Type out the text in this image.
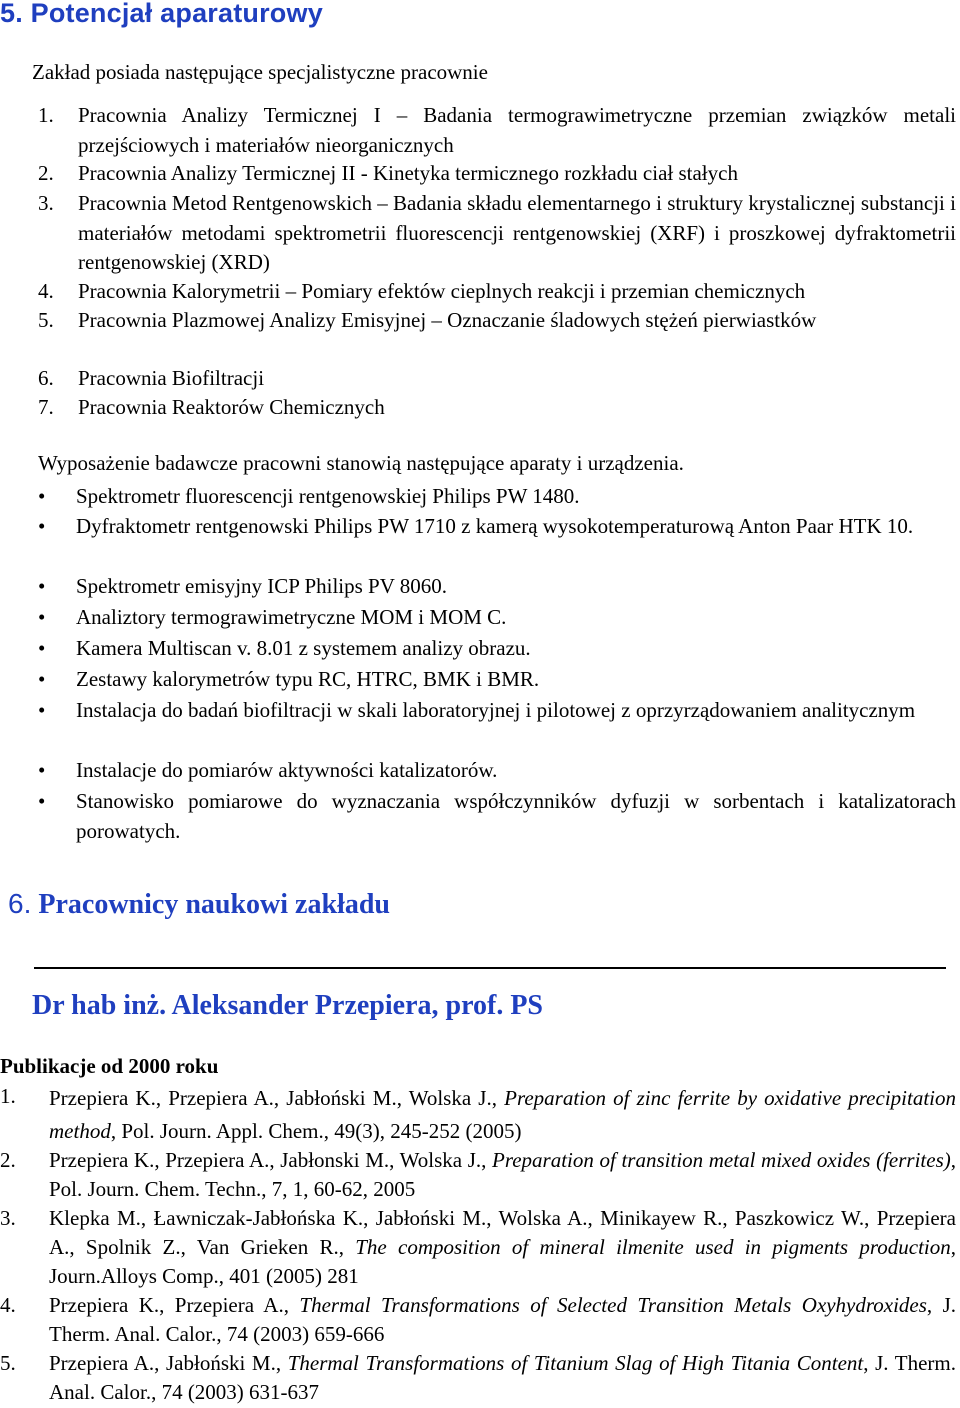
5. Potencjał aparaturowy
Zakład posiada następujące specjalistyczne pracownie
1. Pracownia Analizy Termicznej I – Badania termograwimetryczne przemian związków metali przejściowych i materiałów nieorganicznych
2. Pracownia Analizy Termicznej II - Kinetyka termicznego rozkładu ciał stałych
3. Pracownia Metod Rentgenowskich – Badania składu elementarnego i struktury krystalicznej substancji i materiałów metodami spektrometrii fluorescencji rentgenowskiej (XRF) i proszkowej dyfraktometrii rentgenowskiej (XRD)
4. Pracownia Kalorymetrii – Pomiary efektów cieplnych reakcji i przemian chemicznych
5. Pracownia Plazmowej Analizy Emisyjnej – Oznaczanie śladowych stężeń pierwiastków
6. Pracownia Biofiltracji
7. Pracownia Reaktorów Chemicznych
Wyposażenie badawcze pracowni stanowią następujące aparaty i urządzenia.
• Spektrometr fluorescencji rentgenowskiej Philips PW 1480.
• Dyfraktometr rentgenowski Philips PW 1710 z kamerą wysokotemperaturową Anton Paar HTK 10.
• Spektrometr emisyjny ICP Philips PV 8060.
• Analiztory termograwimetryczne MOM i MOM C.
• Kamera Multiscan v. 8.01 z systemem analizy obrazu.
• Zestawy kalorymetrów typu RC, HTRC, BMK i BMR.
• Instalacja do badań biofiltracji w skali laboratoryjnej i pilotowej z oprzyrządowaniem analitycznym
• Instalacje do pomiarów aktywności katalizatorów.
• Stanowisko pomiarowe do wyznaczania współczynników dyfuzji w sorbentach i katalizatorach porowatych.
6. Pracownicy naukowi zakładu
Dr hab inż. Aleksander Przepiera, prof. PS
Publikacje od 2000 roku
1. Przepiera K., Przepiera A., Jabłoński M., Wolska J., Preparation of zinc ferrite by oxidative precipitation method, Pol. Journ. Appl. Chem., 49(3), 245-252 (2005)
2. Przepiera K., Przepiera A., Jabłonski M., Wolska J., Preparation of transition metal mixed oxides (ferrites), Pol. Journ. Chem. Techn., 7, 1, 60-62, 2005
3. Klepka M., Ławniczak-Jabłońska K., Jabłoński M., Wolska A., Minikayew R., Paszkowicz W., Przepiera A., Spolnik Z., Van Grieken R., The composition of mineral ilmenite used in pigments production, Journ.Alloys Comp., 401 (2005) 281
4. Przepiera K., Przepiera A., Thermal Transformations of Selected Transition Metals Oxyhydroxides, J. Therm. Anal. Calor., 74 (2003) 659-666
5. Przepiera A., Jabłoński M., Thermal Transformations of Titanium Slag of High Titania Content, J. Therm. Anal. Calor., 74 (2003) 631-637
